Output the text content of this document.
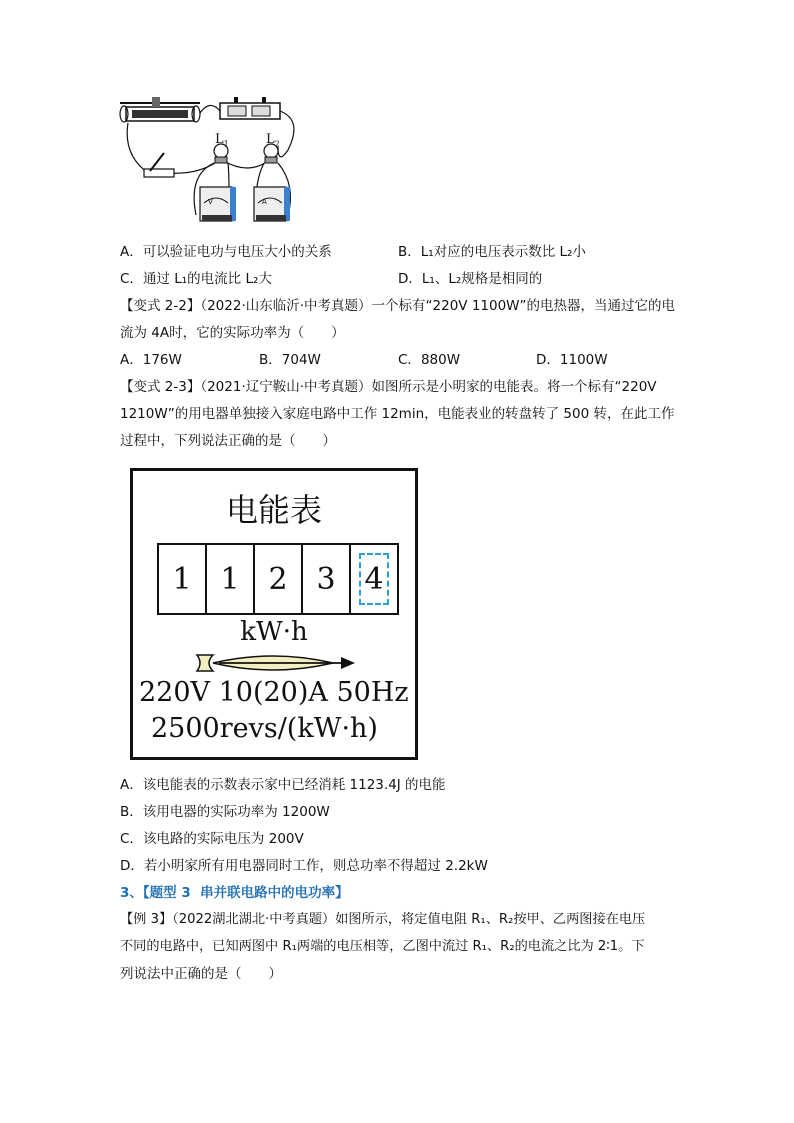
$L_1$	$L_2$
V	A
A．可以验证电功与电压大小的关系	B．L₁对应的电压表示数比 L₂小
C．通过 L₁的电流比 L₂大	D．L₁、L₂规格是相同的
【变式 2-2】（2022·山东临沂·中考真题）一个标有“220V 1100W”的电热器，当通过它的电
流为 4A时，它的实际功率为（　　）
A．176W	B．704W	C．880W	D．1100W
【变式 2-3】（2021·辽宁鞍山·中考真题）如图所示是小明家的电能表。将一个标有“220V
1210W”的用电器单独接入家庭电路中工作 12min，电能表业的转盘转了 500 转，在此工作
过程中，下列说法正确的是（　　）
电能表
1 1 2 3 4
kW·h
220V 10(20)A 50Hz
2500revs/(kW·h)
A．该电能表的示数表示家中已经消耗 1123.4J 的电能
B．该用电器的实际功率为 1200W
C．该电路的实际电压为 200V
D．若小明家所有用电器同时工作，则总功率不得超过 2.2kW
3、【题型 3 串并联电路中的电功率】
【例 3】（2022湖北湖北·中考真题）如图所示，将定值电阻 R₁、R₂按甲、乙两图接在电压
不同的电路中，已知两图中 R₁两端的电压相等，乙图中流过 R₁、R₂的电流之比为 2∶1。下
列说法中正确的是（　　）
